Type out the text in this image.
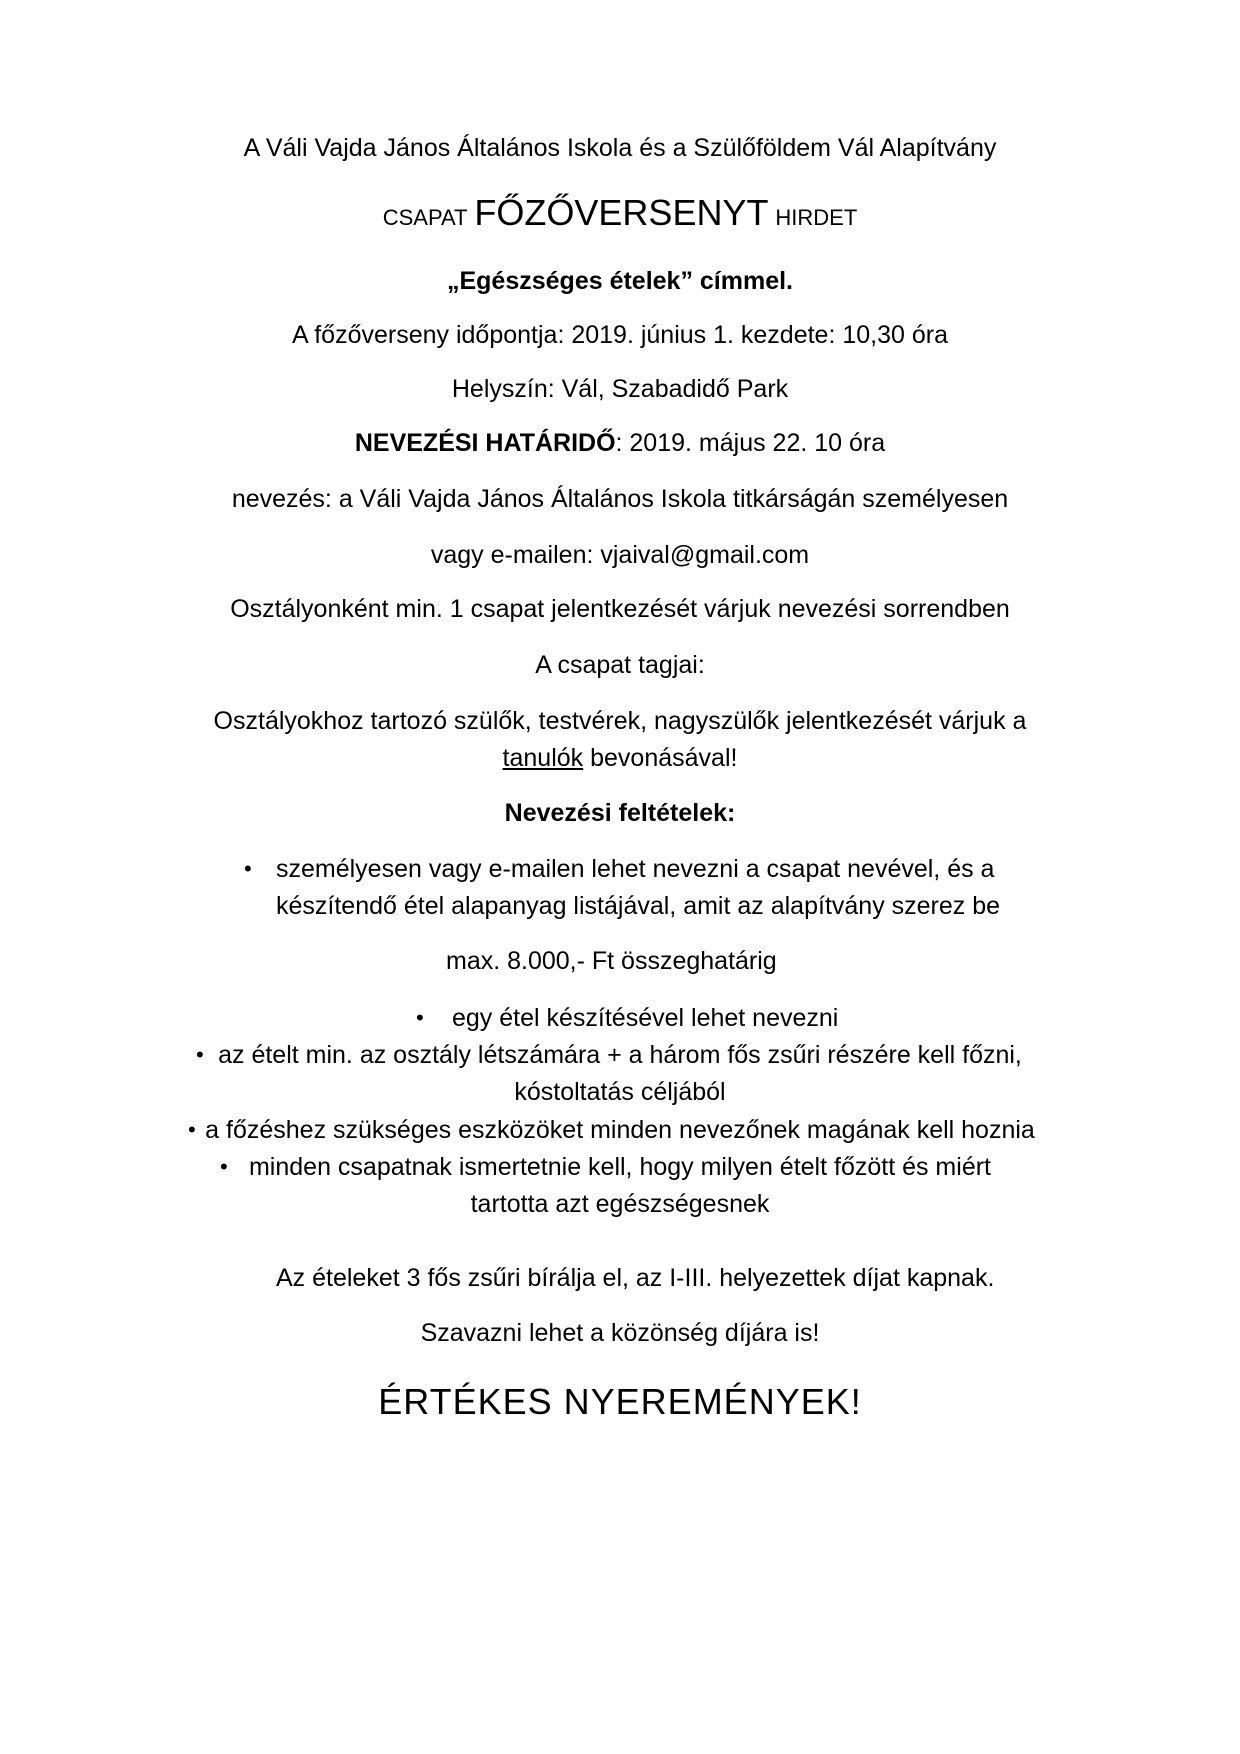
A Váli Vajda János Általános Iskola és a Szülőföldem Vál Alapítvány

CSAPAT FŐZŐVERSENYT HIRDET

„Egészséges ételek” címmel.

A főzőverseny időpontja: 2019. június 1. kezdete: 10,30 óra

Helyszín: Vál, Szabadidő Park

NEVEZÉSI HATÁRIDŐ: 2019. május 22. 10 óra

nevezés: a Váli Vajda János Általános Iskola titkárságán személyesen

vagy e-mailen: vjaival@gmail.com

Osztályonként min. 1 csapat jelentkezését várjuk nevezési sorrendben

A csapat tagjai:

Osztályokhoz tartozó szülők, testvérek, nagyszülők jelentkezését várjuk a

tanulók bevonásával!

Nevezési feltételek:

• személyesen vagy e-mailen lehet nevezni a csapat nevével, és a

készítendő étel alapanyag listájával, amit az alapítvány szerez be

max. 8.000,- Ft összeghatárig

• egy étel készítésével lehet nevezni

• az ételt min. az osztály létszámára + a három fős zsűri részére kell főzni,

kóstoltatás céljából

• a főzéshez szükséges eszközöket minden nevezőnek magának kell hoznia

• minden csapatnak ismertetnie kell, hogy milyen ételt főzött és miért

tartotta azt egészségesnek

Az ételeket 3 fős zsűri bírálja el, az I-III. helyezettek díjat kapnak.

Szavazni lehet a közönség díjára is!

ÉRTÉKES NYEREMÉNYEK!
